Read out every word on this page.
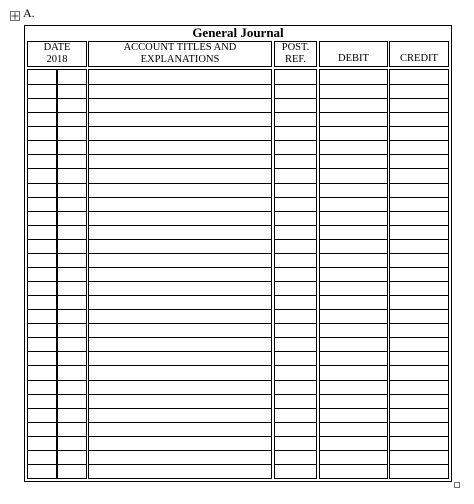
A.
General Journal
DATE
2018
ACCOUNT TITLES AND
EXPLANATIONS
POST.
REF.	DEBIT	CREDIT
